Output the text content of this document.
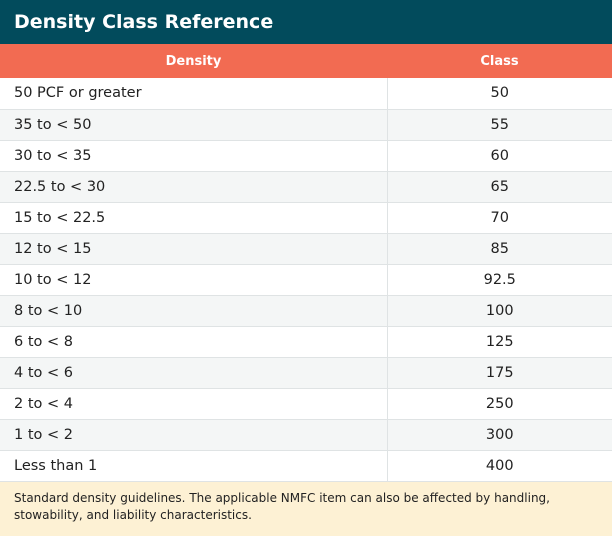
Density Class Reference
Density	Class
50 PCF or greater	50
35 to < 50	55
30 to < 35	60
22.5 to < 30	65
15 to < 22.5	70
12 to < 15	85
10 to < 12	92.5
8 to < 10	100
6 to < 8	125
4 to < 6	175
2 to < 4	250
1 to < 2	300
Less than 1	400
Standard density guidelines. The applicable NMFC item can also be affected by handling, stowability, and liability characteristics.
